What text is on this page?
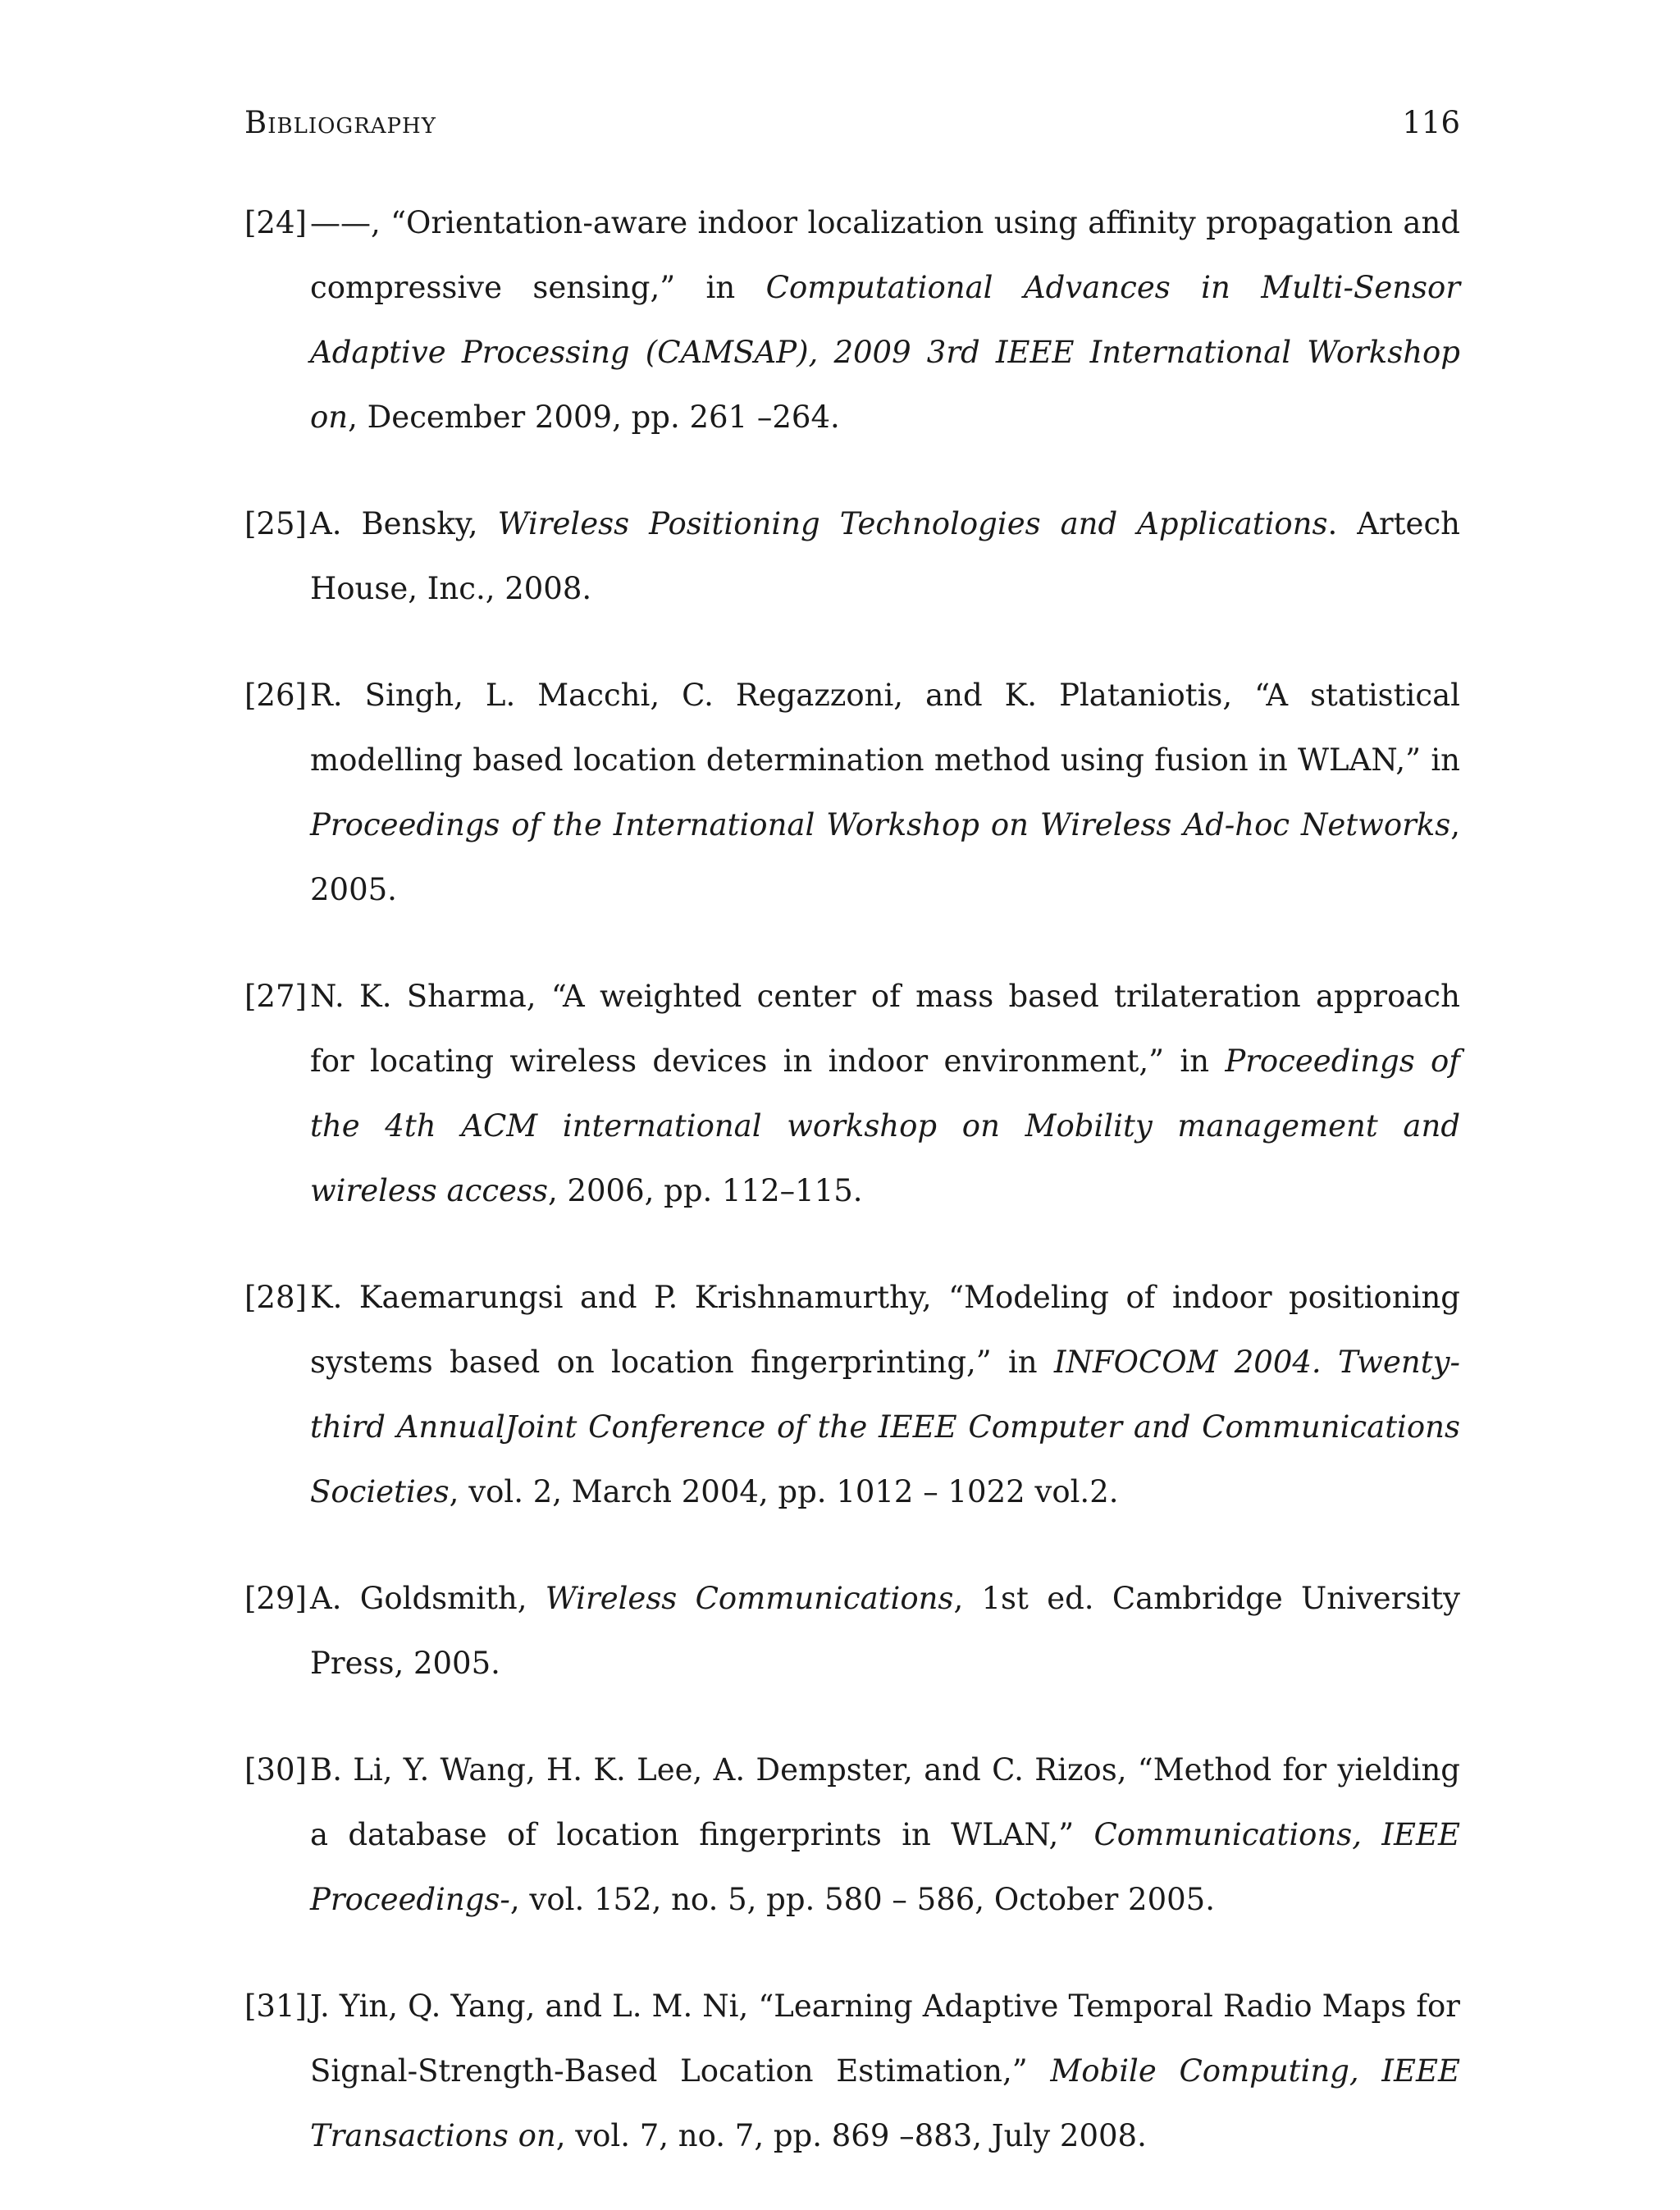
Bibliography	116
[24] ——, “Orientation-aware indoor localization using affinity propagation and compressive sensing,” in Computational Advances in Multi-Sensor Adaptive Processing (CAMSAP), 2009 3rd IEEE International Workshop on, December 2009, pp. 261 –264.
[25] A. Bensky, Wireless Positioning Technologies and Applications. Artech House, Inc., 2008.
[26] R. Singh, L. Macchi, C. Regazzoni, and K. Plataniotis, “A statistical modelling based location determination method using fusion in WLAN,” in Proceedings of the International Workshop on Wireless Ad-hoc Networks, 2005.
[27] N. K. Sharma, “A weighted center of mass based trilateration approach for locating wireless devices in indoor environment,” in Proceedings of the 4th ACM international workshop on Mobility management and wireless access, 2006, pp. 112–115.
[28] K. Kaemarungsi and P. Krishnamurthy, “Modeling of indoor positioning systems based on location fingerprinting,” in INFOCOM 2004. Twenty-third AnnualJoint Conference of the IEEE Computer and Communications Societies, vol. 2, March 2004, pp. 1012 – 1022 vol.2.
[29] A. Goldsmith, Wireless Communications, 1st ed. Cambridge University Press, 2005.
[30] B. Li, Y. Wang, H. K. Lee, A. Dempster, and C. Rizos, “Method for yielding a database of location fingerprints in WLAN,” Communications, IEEE Proceedings-, vol. 152, no. 5, pp. 580 – 586, October 2005.
[31] J. Yin, Q. Yang, and L. M. Ni, “Learning Adaptive Temporal Radio Maps for Signal-Strength-Based Location Estimation,” Mobile Computing, IEEE Transactions on, vol. 7, no. 7, pp. 869 –883, July 2008.
